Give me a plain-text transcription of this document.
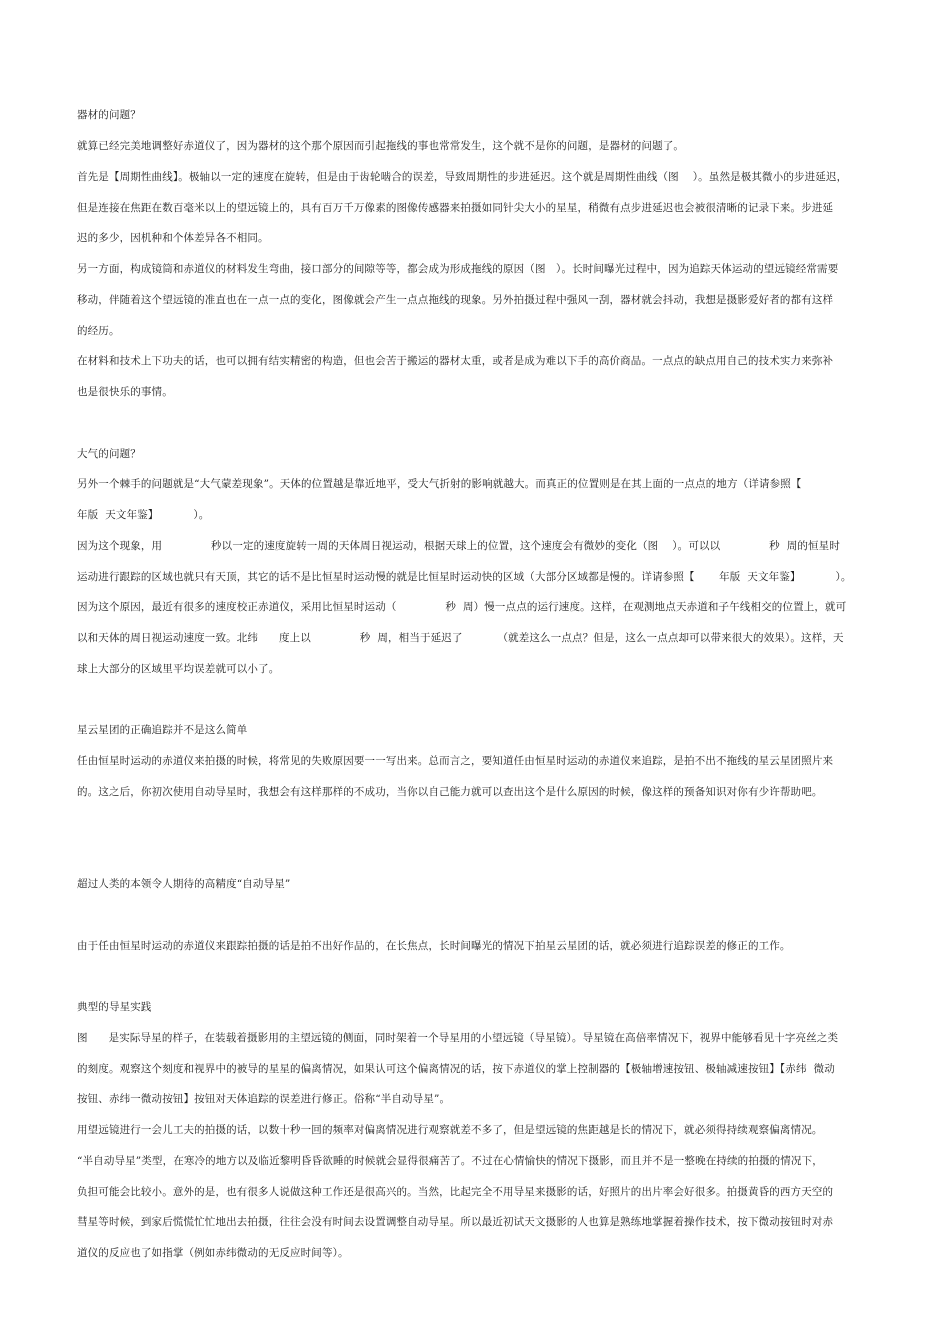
器材的问题？

就算已经完美地调整好赤道仪了，因为器材的这个那个原因而引起拖线的事也常常发生，这个就不是你的问题，是器材的问题了。

首先是【周期性曲线】。极轴以一定的速度在旋转，但是由于齿轮啮合的误差，导致周期性的步进延迟。这个就是周期性曲线（图    ）。虽然是极其微小的步进延迟，

但是连接在焦距在数百毫米以上的望远镜上的，具有百万千万像素的图像传感器来拍摄如同针尖大小的星星，稍微有点步进延迟也会被很清晰的记录下来。步进延

迟的多少，因机种和个体差异各不相同。

另一方面，构成镜筒和赤道仪的材料发生弯曲，接口部分的间隙等等，都会成为形成拖线的原因（图   ）。长时间曝光过程中，因为追踪天体运动的望远镜经常需要

移动，伴随着这个望远镜的准直也在一点一点的变化，图像就会产生一点点拖线的现象。另外拍摄过程中强风一刮，器材就会抖动，我想是摄影爱好者的都有这样

的经历。

在材料和技术上下功夫的话，也可以拥有结实精密的构造，但也会苦于搬运的器材太重，或者是成为难以下手的高价商品。一点点的缺点用自己的技术实力来弥补

也是很快乐的事情。

大气的问题？

另外一个棘手的问题就是“大气蒙差现象”。天体的位置越是靠近地平，受大气折射的影响就越大。而真正的位置则是在其上面的一点点的地方（详请参照【

年版  天文年鉴】          ）。

因为这个现象，用              秒以一定的速度旋转一周的天体周日视运动，根据天球上的位置，这个速度会有微妙的变化（图    ）。可以以              秒  周的恒星时

运动进行跟踪的区域也就只有天顶，其它的话不是比恒星时运动慢的就是比恒星时运动快的区域（大部分区域都是慢的。详请参照【       年版  天文年鉴】          ）。

因为这个原因，最近有很多的速度校正赤道仪，采用比恒星时运动（              秒  周）慢一点点的运行速度。这样，在观测地点天赤道和子午线相交的位置上，就可

以和天体的周日视运动速度一致。北纬      度上以              秒  周，相当于延迟了          （就差这么一点点？但是，这么一点点却可以带来很大的效果）。这样，天

球上大部分的区域里平均误差就可以小了。

星云星团的正确追踪并不是这么简单

任由恒星时运动的赤道仪来拍摄的时候，将常见的失败原因要一一写出来。总而言之，要知道任由恒星时运动的赤道仪来追踪，是拍不出不拖线的星云星团照片来

的。这之后，你初次使用自动导星时，我想会有这样那样的不成功，当你以自己能力就可以查出这个是什么原因的时候，像这样的预备知识对你有少许帮助吧。

超过人类的本领令人期待的高精度“自动导星”

由于任由恒星时运动的赤道仪来跟踪拍摄的话是拍不出好作品的，在长焦点，长时间曝光的情况下拍星云星团的话，就必须进行追踪误差的修正的工作。

典型的导星实践

图      是实际导星的样子，在装载着摄影用的主望远镜的侧面，同时架着一个导星用的小望远镜（导星镜）。导星镜在高倍率情况下，视界中能够看见十字亮丝之类

的刻度。观察这个刻度和视界中的被导的星星的偏离情况，如果认可这个偏离情况的话，按下赤道仪的掌上控制器的【极轴增速按钮、极轴减速按钮】【赤纬  微动

按钮、赤纬一微动按钮】按钮对天体追踪的误差进行修正。俗称“半自动导星”。

用望远镜进行一会儿工夫的拍摄的话，以数十秒一回的频率对偏离情况进行观察就差不多了，但是望远镜的焦距越是长的情况下，就必须得持续观察偏离情况。

“半自动导星”类型，在寒冷的地方以及临近黎明昏昏欲睡的时候就会显得很痛苦了。不过在心情愉快的情况下摄影，而且并不是一整晚在持续的拍摄的情况下，

负担可能会比较小。意外的是，也有很多人说做这种工作还是很高兴的。当然，比起完全不用导星来摄影的话，好照片的出片率会好很多。拍摄黄昏的西方天空的

彗星等时候，到家后慌慌忙忙地出去拍摄，往往会没有时间去设置调整自动导星。所以最近初试天文摄影的人也算是熟练地掌握着操作技术，按下微动按钮时对赤

道仪的反应也了如指掌（例如赤纬微动的无反应时间等）。
